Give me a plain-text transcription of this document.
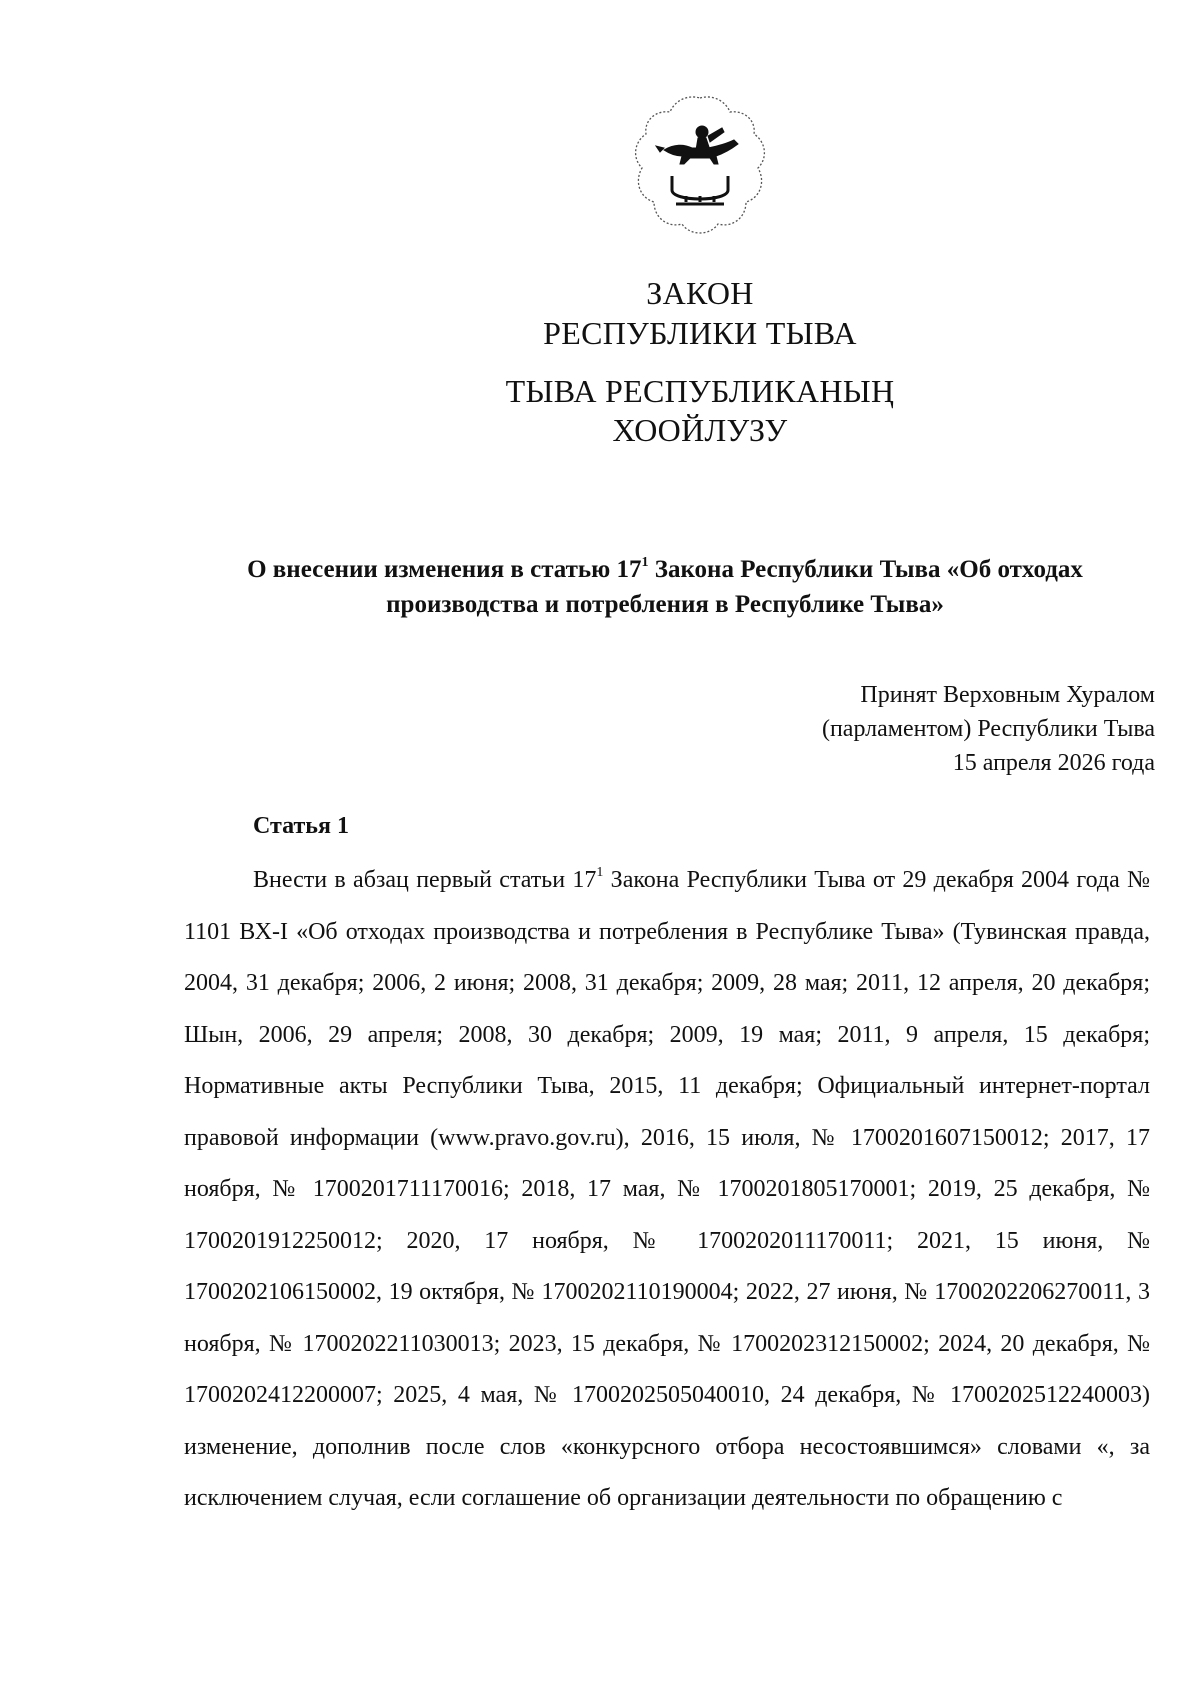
ЗАКОН
РЕСПУБЛИКИ ТЫВА
ТЫВА РЕСПУБЛИКАНЫҢ
ХООЙЛУЗУ
О внесении изменения в статью $17^1$ Закона Республики Тыва «Об отходах производства и потребления в Республике Тыва»
Принят Верховным Хуралом
(парламентом) Республики Тыва
15 апреля 2026 года
Статья 1
Внести в абзац первый статьи $17^1$ Закона Республики Тыва от 29 декабря 2004 года № 1101 ВХ-I «Об отходах производства и потребления в Республике Тыва» (Тувинская правда, 2004, 31 декабря; 2006, 2 июня; 2008, 31 декабря; 2009, 28 мая; 2011, 12 апреля, 20 декабря; Шын, 2006, 29 апреля; 2008, 30 декабря; 2009, 19 мая; 2011, 9 апреля, 15 декабря; Нормативные акты Республики Тыва, 2015, 11 декабря; Официальный интернет-портал правовой информации (www.pravo.gov.ru), 2016, 15 июля, № 1700201607150012; 2017, 17 ноября, № 1700201711170016; 2018, 17 мая, № 1700201805170001; 2019, 25 декабря, № 1700201912250012; 2020, 17 ноября, № 1700202011170011; 2021, 15 июня, № 1700202106150002, 19 октября, № 1700202110190004; 2022, 27 июня, № 1700202206270011, 3 ноября, № 1700202211030013; 2023, 15 декабря, № 1700202312150002; 2024, 20 декабря, № 1700202412200007; 2025, 4 мая, № 1700202505040010, 24 декабря, № 1700202512240003) изменение, дополнив после слов «конкурсного отбора несостоявшимся» словами «, за исключением случая, если соглашение об организации деятельности по обращению с
